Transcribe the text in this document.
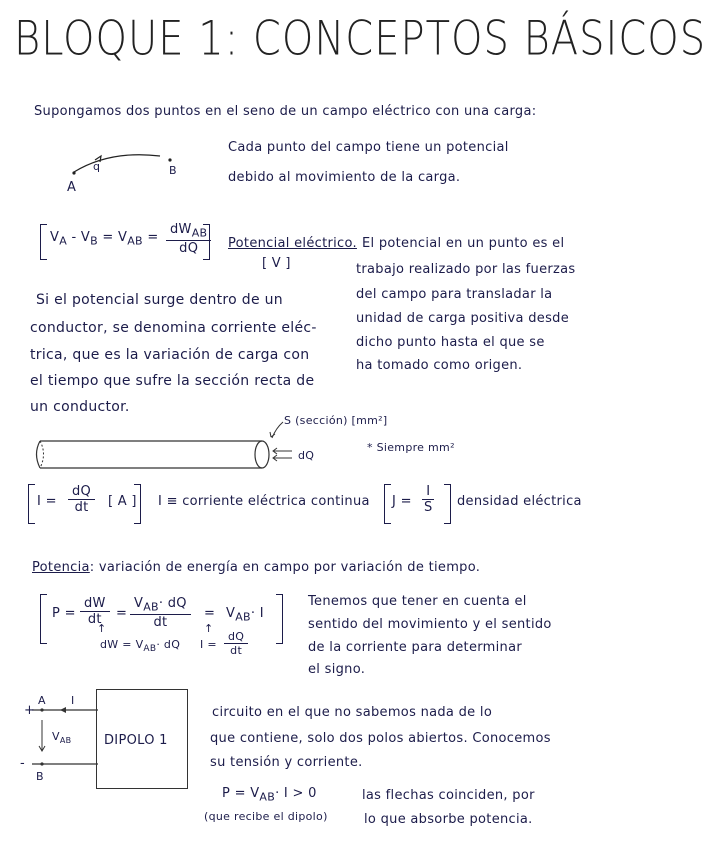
BLOQUE 1: CONCEPTOS BÁSICOS
Supongamos dos puntos en el seno de un campo eléctrico con una carga:
A
B
q
Cada punto del campo tiene un potencial
debido al movimiento de la carga.
$V_A - V_B = V_{AB} = \frac{dW_{AB}}{dQ}$ Potencial eléctrico.
[ V ]
El potencial en un punto es el
trabajo realizado por las fuerzas
del campo para transladar la
unidad de carga positiva desde
dicho punto hasta el que se
ha tomado como origen.
Si el potencial surge dentro de un
conductor, se denomina corriente eléc-
trica, que es la variación de carga con
el tiempo que sufre la sección recta de
un conductor.
S (sección) [mm²]
dQ
* Siempre mm²
$I = \frac{dQ}{dt}$ [ A ] I ≡ corriente eléctrica continua $J = \frac{I}{S}$ densidad eléctrica
Potencia: variación de energía en campo por variación de tiempo.
$P = \frac{dW}{dt} = \frac{V_{AB}\cdot dQ}{dt} = V_{AB}\cdot I$
↑
dW = $V_{AB}\cdot$ dQ
↑
$I = \frac{dQ}{dt}$
Tenemos que tener en cuenta el
sentido del movimiento y el sentido
de la corriente para determinar
el signo.
+
-
A
B
I
$V_{AB}$	DIPOLO 1
circuito en el que no sabemos nada de lo
que contiene, solo dos polos abiertos. Conocemos
su tensión y corriente.
$P = V_{AB}\cdot I > 0$
(que recibe el dipolo)
las flechas coinciden, por
lo que absorbe potencia.
